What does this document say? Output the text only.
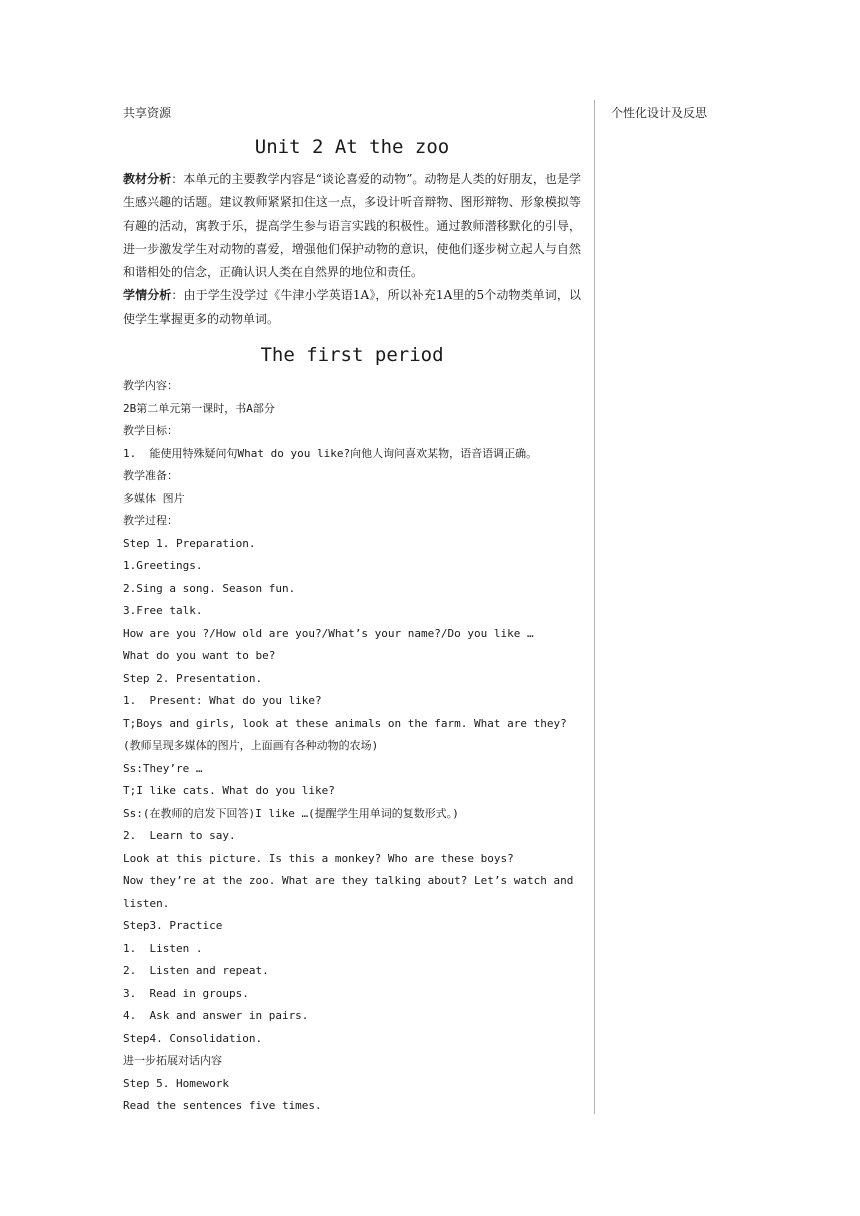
个性化设计及反思
共享资源
Unit 2 At the zoo
教材分析：本单元的主要教学内容是“谈论喜爱的动物”。动物是人类的好朋友，也是学生感兴趣的话题。建议教师紧紧扣住这一点，多设计听音辩物、图形辩物、形象模拟等有趣的活动，寓教于乐，提高学生参与语言实践的积极性。通过教师潜移默化的引导，进一步激发学生对动物的喜爱，增强他们保护动物的意识，使他们逐步树立起人与自然和谐相处的信念，正确认识人类在自然界的地位和责任。
学情分析：由于学生没学过《牛津小学英语1A》，所以补充1A里的5个动物类单词，以使学生掌握更多的动物单词。
The first period
教学内容：
2B第二单元第一课时，书A部分
教学目标：
1.  能使用特殊疑问句What do you like?向他人询问喜欢某物，语音语调正确。
教学准备：
多媒体 图片
教学过程：
Step 1. Preparation.
1.Greetings.
2.Sing a song. Season fun.
3.Free talk.
How are you ?/How old are you?/What’s your name?/Do you like …
What do you want to be?
Step 2. Presentation.
1.  Present: What do you like?
T;Boys and girls, look at these animals on the farm. What are they?
(教师呈现多媒体的图片，上面画有各种动物的农场)
Ss:They’re …
T;I like cats. What do you like?
Ss:(在教师的启发下回答)I like …(提醒学生用单词的复数形式。)
2.  Learn to say.
Look at this picture. Is this a monkey? Who are these boys?
Now they’re at the zoo. What are they talking about? Let’s watch and
listen.
Step3. Practice
1.  Listen .
2.  Listen and repeat.
3.  Read in groups.
4.  Ask and answer in pairs.
Step4. Consolidation.
进一步拓展对话内容
Step 5. Homework
Read the sentences five times.
